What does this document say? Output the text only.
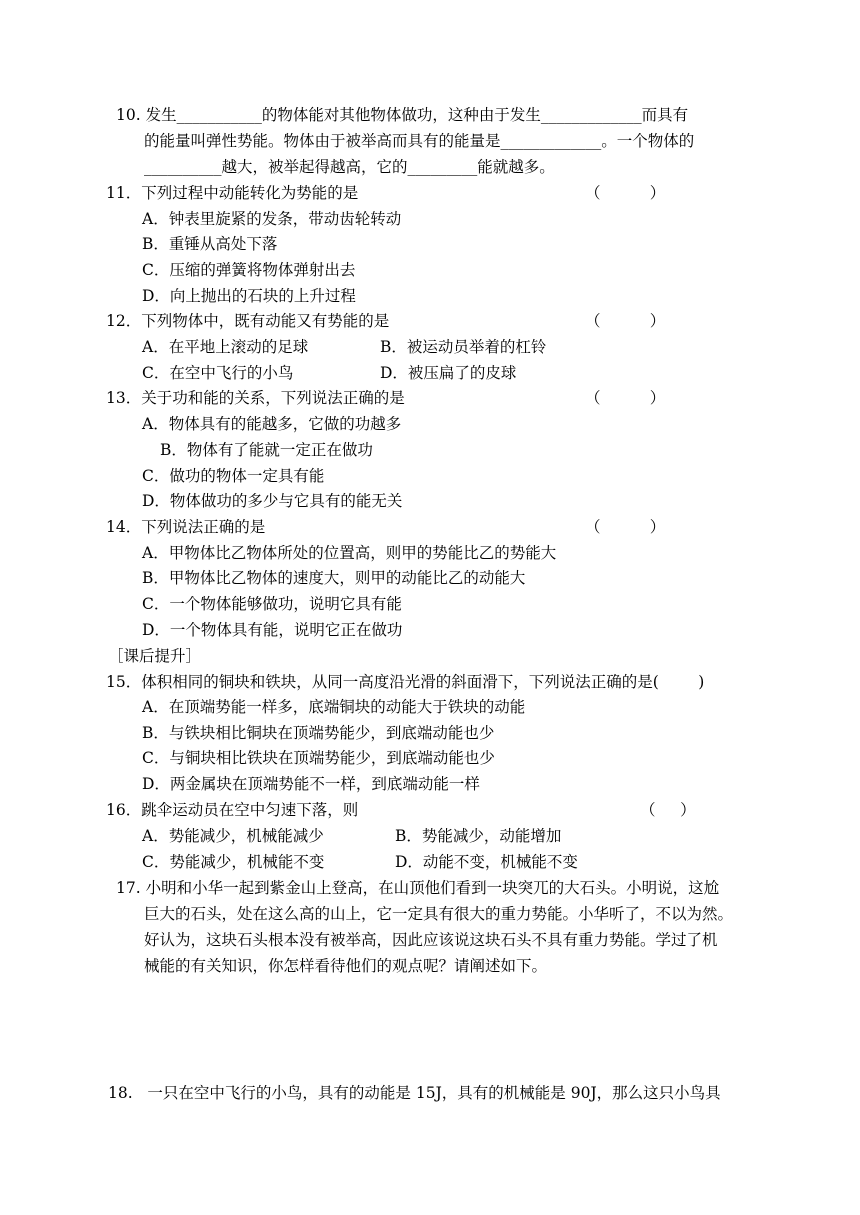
10. 发生___________的物体能对其他物体做功，这种由于发生_____________而具有
的能量叫弹性势能。物体由于被举高而具有的能量是_____________。一个物体的
__________越大，被举起得越高，它的_________能就越多。
11．下列过程中动能转化为势能的是	（          ）
A．钟表里旋紧的发条，带动齿轮转动
B．重锤从高处下落
C．压缩的弹簧将物体弹射出去
D．向上抛出的石块的上升过程
12．下列物体中，既有动能又有势能的是	（          ）
A．在平地上滚动的足球	B．被运动员举着的杠铃
C．在空中飞行的小鸟	D．被压扁了的皮球
13．关于功和能的关系，下列说法正确的是	（          ）
A．物体具有的能越多，它做的功越多
B．物体有了能就一定正在做功
C．做功的物体一定具有能
D．物体做功的多少与它具有的能无关
14．下列说法正确的是	（          ）
A．甲物体比乙物体所处的位置高，则甲的势能比乙的势能大
B．甲物体比乙物体的速度大，则甲的动能比乙的动能大
C．一个物体能够做功，说明它具有能
D．一个物体具有能，说明它正在做功
［课后提升］
15．体积相同的铜块和铁块，从同一高度沿光滑的斜面滑下，下列说法正确的是(        )
A．在顶端势能一样多，底端铜块的动能大于铁块的动能
B．与铁块相比铜块在顶端势能少，到底端动能也少
C．与铜块相比铁块在顶端势能少，到底端动能也少
D．两金属块在顶端势能不一样，到底端动能一样
16．跳伞运动员在空中匀速下落，则	（     ）
A．势能减少，机械能减少	B．势能减少，动能增加
C．势能减少，机械能不变	D．动能不变，机械能不变
17. 小明和小华一起到紫金山上登高，在山顶他们看到一块突兀的大石头。小明说，这尬
巨大的石头，处在这么高的山上，它一定具有很大的重力势能。小华听了，不以为然。
好认为，这块石头根本没有被举高，因此应该说这块石头不具有重力势能。学过了机
械能的有关知识，你怎样看待他们的观点呢？请阐述如下。
18.   一只在空中飞行的小鸟，具有的动能是 15J，具有的机械能是 90J，那么这只小鸟具
